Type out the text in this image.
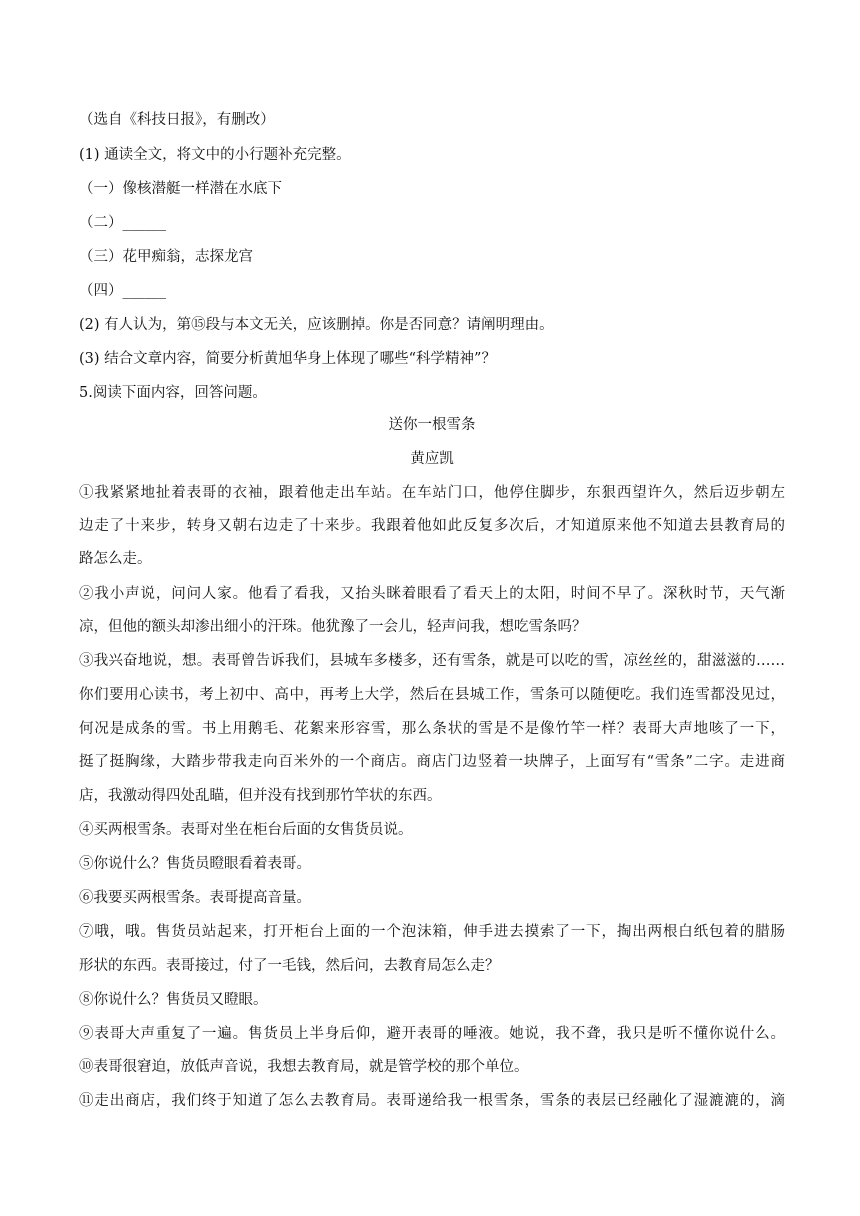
（选自《科技日报》，有删改）
(1) 通读全文，将文中的小行题补充完整。
（一）像核潜艇一样潜在水底下
（二）______
（三）花甲痴翁，志探龙宫
（四）______
(2) 有人认为，第⑮段与本文无关，应该删掉。你是否同意？请阐明理由。
(3) 结合文章内容，简要分析黄旭华身上体现了哪些“科学精神”？
5.阅读下面内容，回答问题。
送你一根雪条
黄应凯
①我紧紧地扯着表哥的衣袖，跟着他走出车站。在车站门口，他停住脚步，东狠西望许久，然后迈步朝左
边走了十来步，转身又朝右边走了十来步。我跟着他如此反复多次后，才知道原来他不知道去县教育局的
路怎么走。
②我小声说，问问人家。他看了看我，又抬头眯着眼看了看天上的太阳，时间不早了。深秋时节，天气渐
凉，但他的额头却渗出细小的汗珠。他犹豫了一会儿，轻声问我，想吃雪条吗？
③我兴奋地说，想。表哥曾告诉我们，县城车多楼多，还有雪条，就是可以吃的雪，凉丝丝的，甜滋滋的……
你们要用心读书，考上初中、高中，再考上大学，然后在县城工作，雪条可以随便吃。我们连雪都没见过，
何况是成条的雪。书上用鹅毛、花絮来形容雪，那么条状的雪是不是像竹竿一样？表哥大声地咳了一下，
挺了挺胸缘，大踏步带我走向百米外的一个商店。商店门边竖着一块牌子，上面写有“雪条”二字。走进商
店，我激动得四处乱瞄，但并没有找到那竹竿状的东西。
④买两根雪条。表哥对坐在柜台后面的女售货员说。
⑤你说什么？售货员瞪眼看着表哥。
⑥我要买两根雪条。表哥提高音量。
⑦哦，哦。售货员站起来，打开柜台上面的一个泡沫箱，伸手进去摸索了一下，掏出两根白纸包着的腊肠
形状的东西。表哥接过，付了一毛钱，然后问，去教育局怎么走？
⑧你说什么？售货员又瞪眼。
⑨表哥大声重复了一遍。售货员上半身后仰，避开表哥的唾液。她说，我不聋，我只是听不懂你说什么。
⑩表哥很窘迫，放低声音说，我想去教育局，就是管学校的那个单位。
⑪走出商店，我们终于知道了怎么去教育局。表哥递给我一根雪条，雪条的表层已经融化了湿漉漉的，滴
